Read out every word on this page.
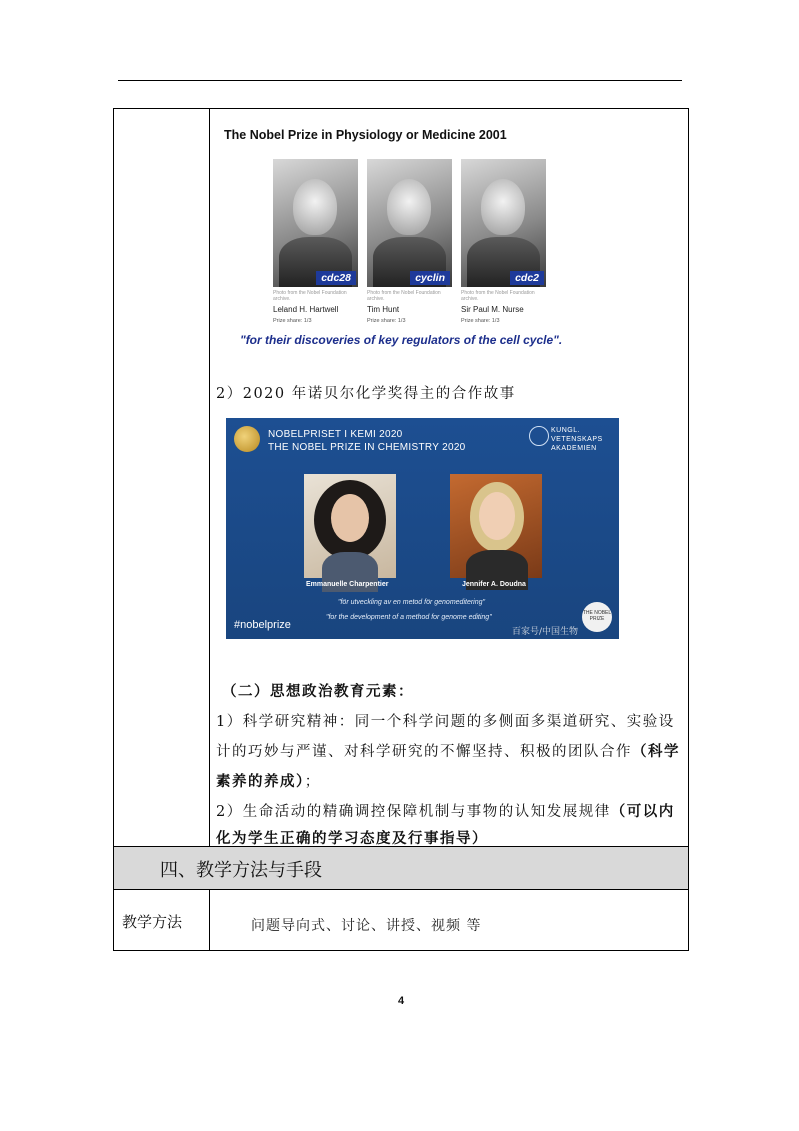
四、教学方法与手段
教学方法	问题导向式、讨论、讲授、视频 等
The Nobel Prize in Physiology or Medicine 2001
cdc28	cyclin	cdc2
Photo from the Nobel Foundation archive.
Photo from the Nobel Foundation archive.
Photo from the Nobel Foundation archive.
Leland H. Hartwell	Tim Hunt	Sir Paul M. Nurse
Prize share: 1/3	Prize share: 1/3	Prize share: 1/3
"for their discoveries of key regulators of the cell cycle".
2）2020 年诺贝尔化学奖得主的合作故事
NOBELPRISET I KEMI 2020
THE NOBEL PRIZE IN CHEMISTRY 2020
KUNGL.
VETENSKAPS
AKADEMIEN
Emmanuelle Charpentier	Jennifer A. Doudna
"för utveckling av en metod för genomeditering"
"for the development of a method for genome editing"
#nobelprize
THE NOBEL PRIZE
百家号/中国生物
（二）思想政治教育元素：
1）科学研究精神：同一个科学问题的多侧面多渠道研究、实验设
计的巧妙与严谨、对科学研究的不懈坚持、积极的团队合作（科学
素养的养成）；
2）生命活动的精确调控保障机制与事物的认知发展规律（可以内
化为学生正确的学习态度及行事指导）
4
